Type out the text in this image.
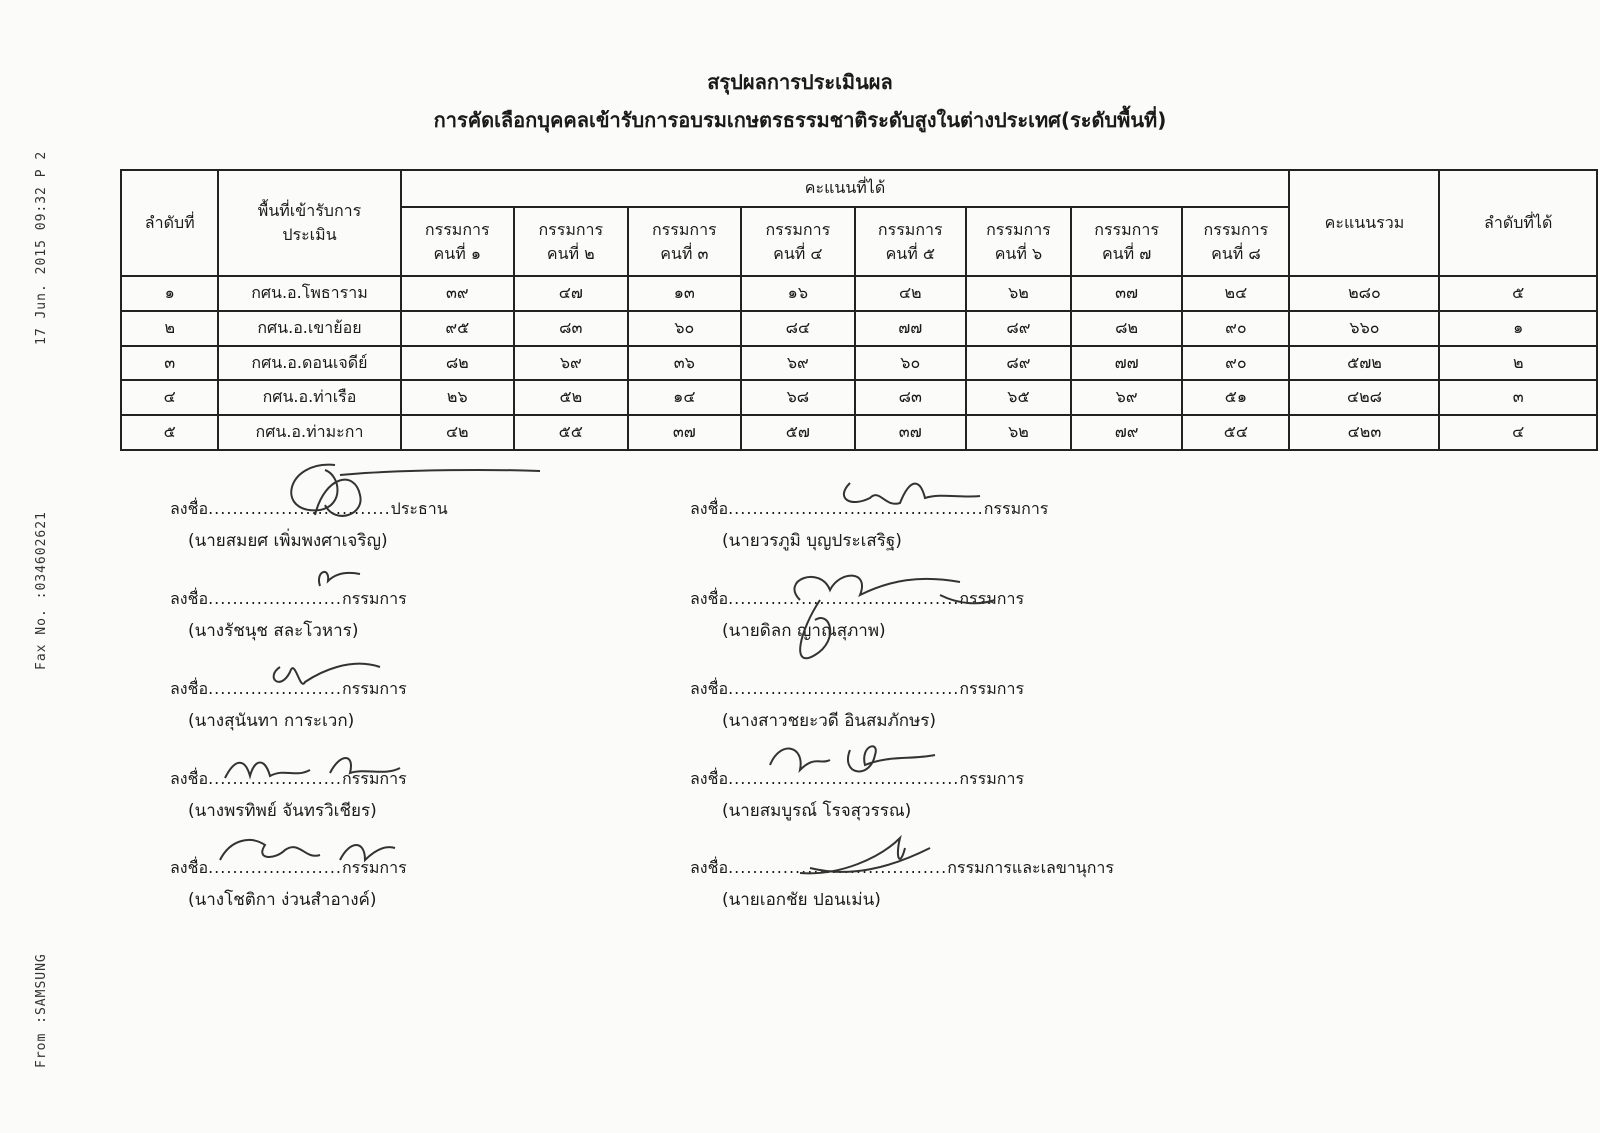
17 Jun. 2015 09:32 P 2
Fax No. :034602621
From :SAMSUNG
สรุปผลการประเมินผล
การคัดเลือกบุคคลเข้ารับการอบรมเกษตรธรรมชาติระดับสูงในต่างประเทศ(ระดับพื้นที่)
ลำดับที่	พื้นที่เข้ารับการประเมิน	คะแนนที่ได้								คะแนนรวม	ลำดับที่ได้
		กรรมการ คนที่ ๑	กรรมการ คนที่ ๒	กรรมการ คนที่ ๓	กรรมการ คนที่ ๔	กรรมการ คนที่ ๕	กรรมการ คนที่ ๖	กรรมการ คนที่ ๗	กรรมการ คนที่ ๘		
๑	กศน.อ.โพธาราม	๓๙	๔๗	๑๓	๑๖	๔๒	๖๒	๓๗	๒๔	๒๘๐	๕
๒	กศน.อ.เขาย้อย	๙๕	๘๓	๖๐	๘๔	๗๗	๘๙	๘๒	๙๐	๖๖๐	๑
๓	กศน.อ.ดอนเจดีย์	๘๒	๖๙	๓๖	๖๙	๖๐	๘๙	๗๗	๙๐	๕๗๒	๒
๔	กศน.อ.ท่าเรือ	๒๖	๕๒	๑๔	๖๘	๘๓	๖๕	๖๙	๕๑	๔๒๘	๓
๕	กศน.อ.ท่ามะกา	๔๒	๕๕	๓๗	๕๗	๓๗	๖๒	๗๙	๕๔	๔๒๓	๔
ลงชื่อ..............................ประธาน
(นายสมยศ เพิ่มพงศาเจริญ)
ลงชื่อ......................กรรมการ
(นางรัชนุช สละโวหาร)
ลงชื่อ......................กรรมการ
(นางสุนันทา การะเวก)
ลงชื่อ......................กรรมการ
(นางพรทิพย์ จันทรวิเชียร)
ลงชื่อ......................กรรมการ
(นางโชติกา ง่วนสำอางค์)
ลงชื่อ..........................................กรรมการ
(นายวรภูมิ บุญประเสริฐ)
ลงชื่อ......................................กรรมการ
(นายดิลก ญาณสุภาพ)
ลงชื่อ......................................กรรมการ
(นางสาวชยะวดี อินสมภักษร)
ลงชื่อ......................................กรรมการ
(นายสมบูรณ์ โรจสุวรรณ)
ลงชื่อ....................................กรรมการและเลขานุการ
(นายเอกชัย ปอนเม่น)
